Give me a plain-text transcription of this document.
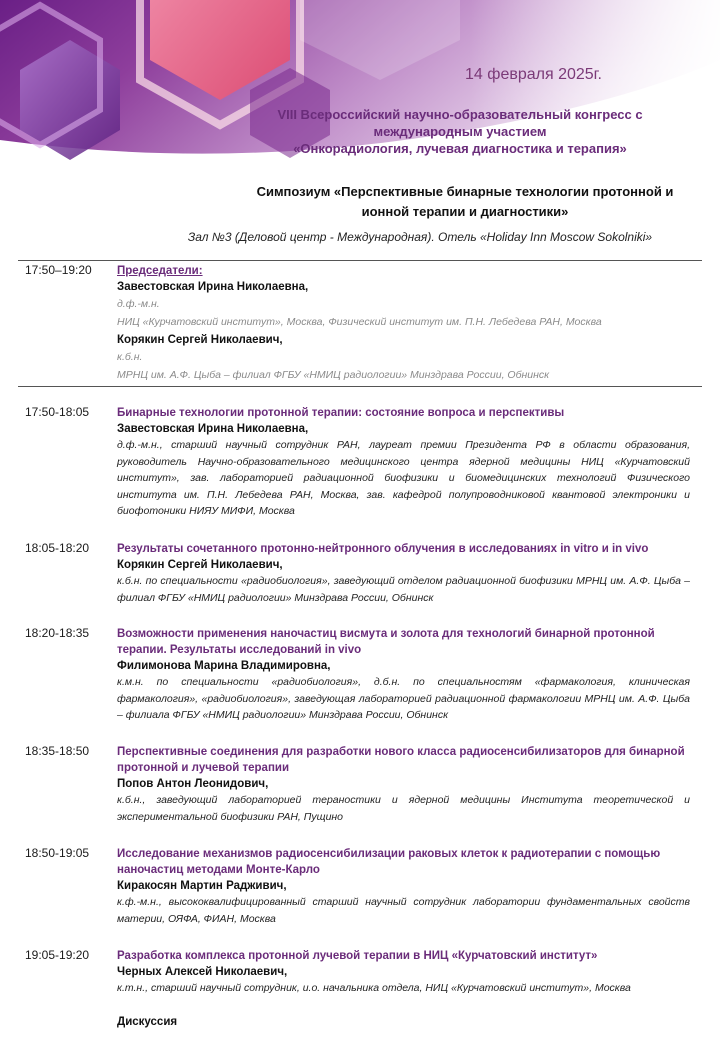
14 февраля 2025г.
VIII Всероссийский научно-образовательный конгресс с
международным участием
«Онкорадиология, лучевая диагностика и терапия»
Симпозиум «Перспективные бинарные технологии протонной и
ионной терапии и диагностики»
Зал №3 (Деловой центр - Международная). Отель «Holiday Inn Moscow Sokolniki»
17:50–19:20 Председатели:
Завестовская Ирина Николаевна,
д.ф.-м.н.
НИЦ «Курчатовский институт», Москва, Физический институт им. П.Н. Лебедева РАН, Москва
Корякин Сергей Николаевич,
к.б.н.
МРНЦ им. А.Ф. Цыба – филиал ФГБУ «НМИЦ радиологии» Минздрава России, Обнинск
17:50-18:05 Бинарные технологии протонной терапии: состояние вопроса и перспективы
Завестовская Ирина Николаевна,
д.ф.-м.н., старший научный сотрудник РАН, лауреат премии Президента РФ в области образования, руководитель Научно-образовательного медицинского центра ядерной медицины НИЦ «Курчатовский институт», зав. лабораторией радиационной биофизики и биомедицинских технологий Физического института им. П.Н. Лебедева РАН, Москва, зав. кафедрой полупроводниковой квантовой электроники и биофотоники НИЯУ МИФИ, Москва
18:05-18:20 Результаты сочетанного протонно-нейтронного облучения в исследованиях in vitro и in vivo
Корякин Сергей Николаевич,
к.б.н. по специальности «радиобиология», заведующий отделом радиационной биофизики МРНЦ им. А.Ф. Цыба – филиал ФГБУ «НМИЦ радиологии» Минздрава России, Обнинск
18:20-18:35 Возможности применения наночастиц висмута и золота для технологий бинарной протонной терапии. Результаты исследований in vivo
Филимонова Марина Владимировна,
к.м.н. по специальности «радиобиология», д.б.н. по специальностям «фармакология, клиническая фармакология», «радиобиология», заведующая лабораторией радиационной фармакологии МРНЦ им. А.Ф. Цыба – филиала ФГБУ «НМИЦ радиологии» Минздрава России, Обнинск
18:35-18:50 Перспективные соединения для разработки нового класса радиосенсибилизаторов для бинарной протонной и лучевой терапии
Попов Антон Леонидович,
к.б.н., заведующий лабораторией тераностики и ядерной медицины Института теоретической и экспериментальной биофизики РАН, Пущино
18:50-19:05 Исследование механизмов радиосенсибилизации раковых клеток к радиотерапии с помощью наночастиц методами Монте-Карло
Киракосян Мартин Радживич,
к.ф.-м.н., высококвалифицированный старший научный сотрудник лаборатории фундаментальных свойств материи, ОЯФА, ФИАН, Москва
19:05-19:20 Разработка комплекса протонной лучевой терапии в НИЦ «Курчатовский институт»
Черных Алексей Николаевич,
к.т.н., старший научный сотрудник, и.о. начальника отдела, НИЦ «Курчатовский институт», Москва
Дискуссия
